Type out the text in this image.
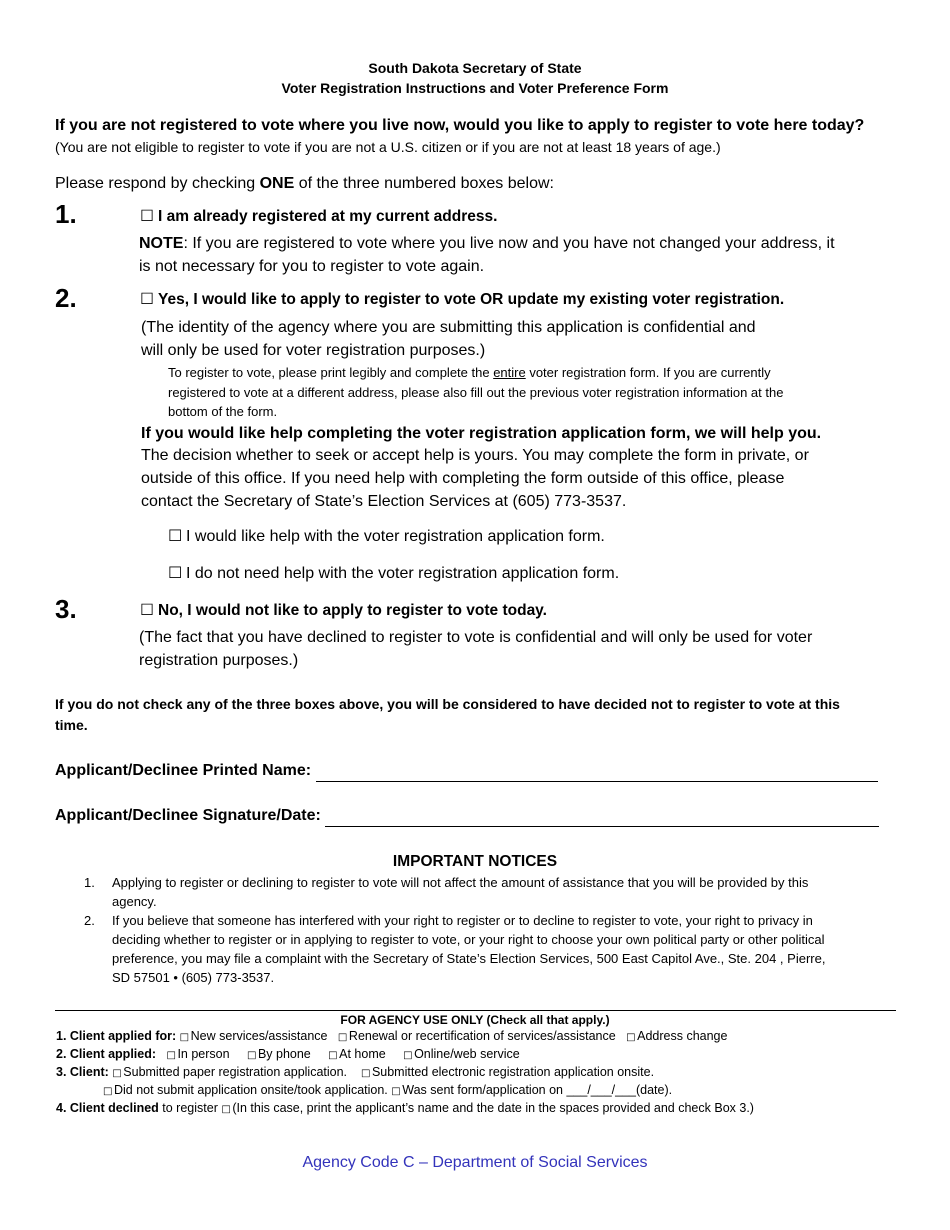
South Dakota Secretary of State
Voter Registration Instructions and Voter Preference Form
If you are not registered to vote where you live now, would you like to apply to register to vote here today?
(You are not eligible to register to vote if you are not a U.S. citizen or if you are not at least 18 years of age.)
Please respond by checking ONE of the three numbered boxes below:
1.	☐ I am already registered at my current address.
NOTE: If you are registered to vote where you live now and you have not changed your address, it
is not necessary for you to register to vote again.
2.	☐ Yes, I would like to apply to register to vote OR update my existing voter registration.
(The identity of the agency where you are submitting this application is confidential and
will only be used for voter registration purposes.)
To register to vote, please print legibly and complete the entire voter registration form. If you are currently
registered to vote at a different address, please also fill out the previous voter registration information at the
bottom of the form.
If you would like help completing the voter registration application form, we will help you.
The decision whether to seek or accept help is yours. You may complete the form in private, or
outside of this office. If you need help with completing the form outside of this office, please
contact the Secretary of State’s Election Services at (605) 773-3537.
☐ I would like help with the voter registration application form.
☐ I do not need help with the voter registration application form.
3.	☐ No, I would not like to apply to register to vote today.
(The fact that you have declined to register to vote is confidential and will only be used for voter
registration purposes.)
If you do not check any of the three boxes above, you will be considered to have decided not to register to vote at this
time.
Applicant/Declinee Printed Name:
Applicant/Declinee Signature/Date:
IMPORTANT NOTICES
1. Applying to register or declining to register to vote will not affect the amount of assistance that you will be provided by this
agency.
2. If you believe that someone has interfered with your right to register or to decline to register to vote, your right to privacy in
deciding whether to register or in applying to register to vote, or your right to choose your own political party or other political
preference, you may file a complaint with the Secretary of State’s Election Services, 500 East Capitol Ave., Ste. 204 , Pierre,
SD 57501 • (605) 773-3537.
FOR AGENCY USE ONLY (Check all that apply.)
1. Client applied for: □ New services/assistance □ Renewal or recertification of services/assistance □ Address change
2. Client applied: □ In person □ By phone □ At home □ Online/web service
3. Client: □ Submitted paper registration application. □ Submitted electronic registration application onsite.
□ Did not submit application onsite/took application. □ Was sent form/application on ___/___/___(date).
4. Client declined to register □ (In this case, print the applicant’s name and the date in the spaces provided and check Box 3.)
Agency Code C – Department of Social Services
